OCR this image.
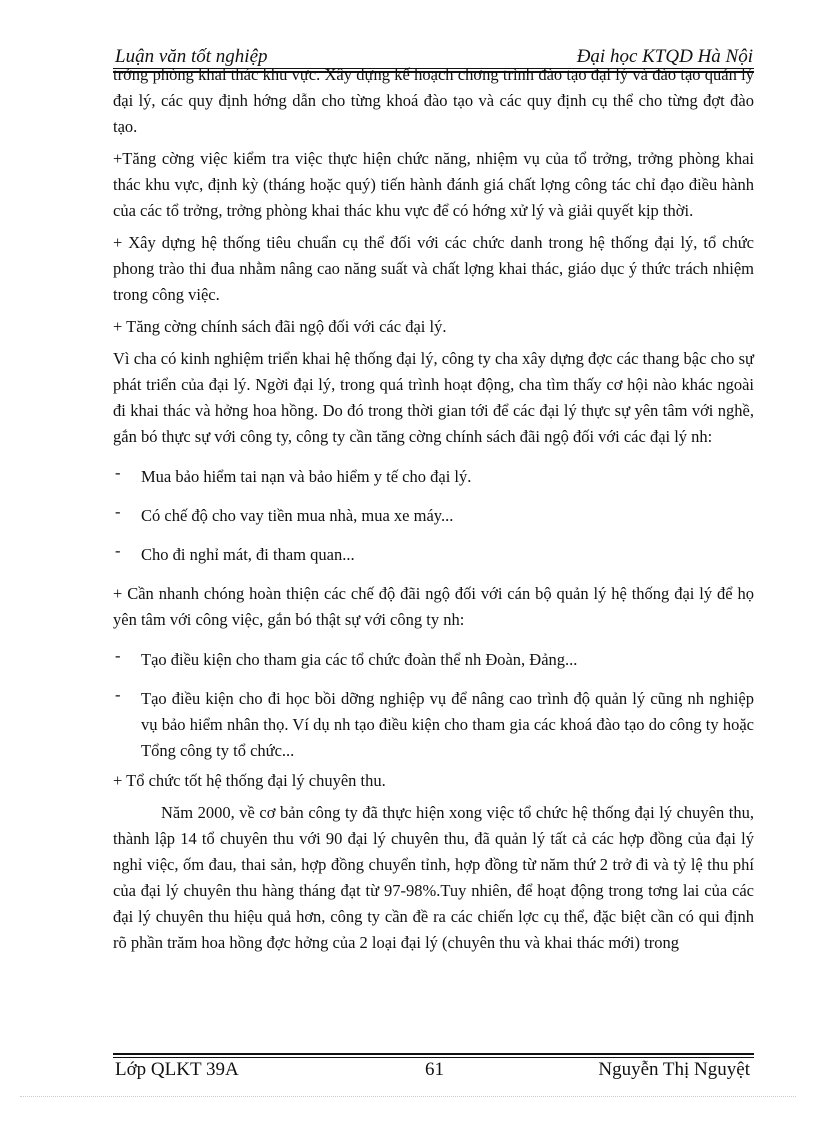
Luận văn tốt nghiệp	Đại học KTQD Hà Nội

trởng phòng khai thác khu vực. Xây dựng kế hoạch chơng trình đào tạo đại lý và đào tạo quản lý đại lý, các quy định hớng dẫn cho từng khoá đào tạo và các quy định cụ thể cho từng đợt đào tạo.

+Tăng cờng việc kiểm tra việc thực hiện chức năng, nhiệm vụ của tổ trởng, trởng phòng khai thác khu vực, định kỳ (tháng hoặc quý) tiến hành đánh giá chất lợng công tác chỉ đạo điều hành của các tổ trởng, trởng phòng khai thác khu vực để có hớng xử lý và giải quyết kịp thời.

+ Xây dựng hệ thống tiêu chuẩn cụ thể đối với các chức danh trong hệ thống đại lý, tổ chức phong trào thi đua nhằm nâng cao năng suất và chất lợng khai thác, giáo dục ý thức trách nhiệm trong công việc.

+ Tăng cờng chính sách đãi ngộ đối với các đại lý.

Vì cha có kinh nghiệm triển khai hệ thống đại lý, công ty cha xây dựng đợc các thang bậc cho sự phát triển của đại lý. Ngời đại lý, trong quá trình hoạt động, cha tìm thấy cơ hội nào khác ngoài đi khai thác và hởng hoa hồng. Do đó trong thời gian tới để các đại lý thực sự yên tâm với nghề, gắn bó thực sự với công ty, công ty cần tăng cờng chính sách đãi ngộ đối với các đại lý nh:

- Mua bảo hiểm tai nạn và bảo hiểm y tế cho đại lý.

- Có chế độ cho vay tiền mua nhà, mua xe máy...

- Cho đi nghỉ mát, đi tham quan...

+ Cần nhanh chóng hoàn thiện các chế độ đãi ngộ đối với cán bộ quản lý hệ thống đại lý để họ yên tâm với công việc, gắn bó thật sự với công ty nh:

- Tạo điều kiện cho tham gia các tổ chức đoàn thể nh Đoàn, Đảng...

- Tạo điều kiện cho đi học bồi dỡng nghiệp vụ để nâng cao trình độ quản lý cũng nh nghiệp vụ bảo hiểm nhân thọ. Ví dụ nh tạo điều kiện cho tham gia các khoá đào tạo do công ty hoặc Tổng công ty tổ chức...

+ Tổ chức tốt hệ thống đại lý chuyên thu.

Năm 2000, về cơ bản công ty đã thực hiện xong việc tổ chức hệ thống đại lý chuyên thu, thành lập 14 tổ chuyên thu với 90 đại lý chuyên thu, đã quản lý tất cả các hợp đồng của đại lý nghỉ việc, ốm đau, thai sản, hợp đồng chuyển tỉnh, hợp đồng từ năm thứ 2 trở đi và tỷ lệ thu phí của đại lý chuyên thu hàng tháng đạt từ 97-98%.Tuy nhiên, để hoạt động trong tơng lai của các đại lý chuyên thu hiệu quả hơn, công ty cần đề ra các chiến lợc cụ thể, đặc biệt cần có qui định rõ phần trăm hoa hồng đợc hởng của 2 loại đại lý (chuyên thu và khai thác mới) trong

Lớp QLKT 39A	61	Nguyễn Thị Nguyệt
